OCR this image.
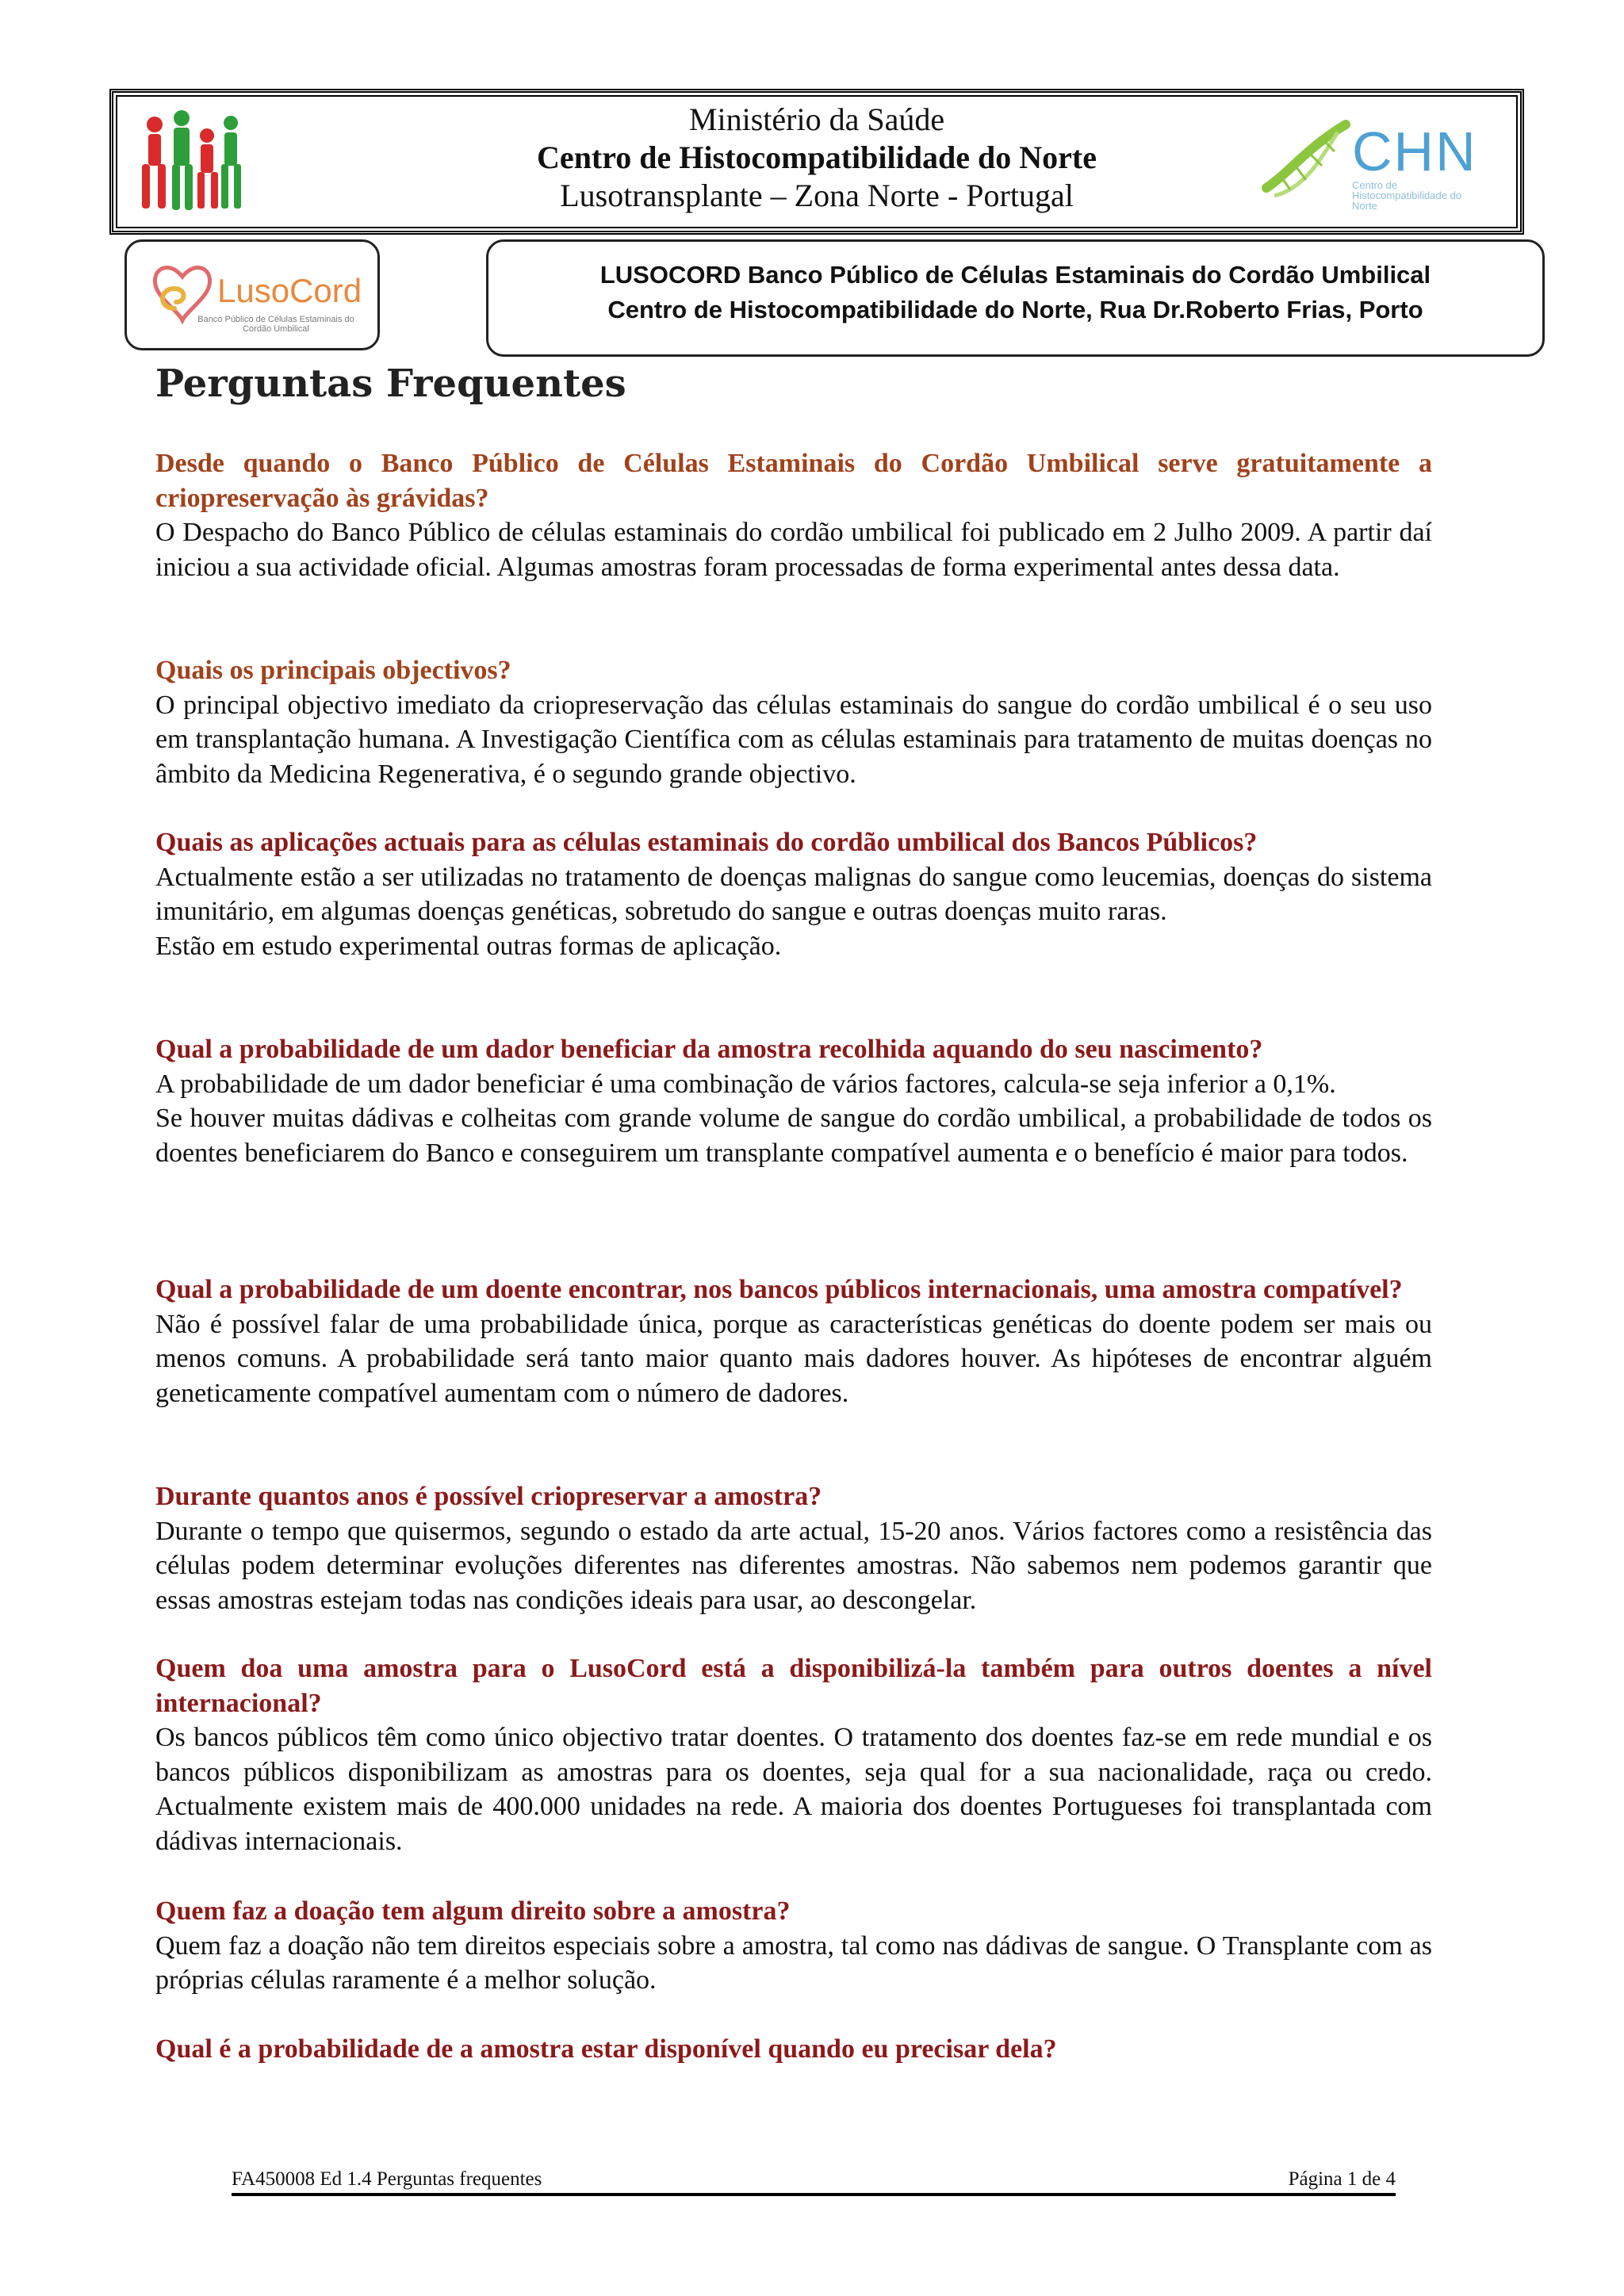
Ministério da Saúde
Centro de Histocompatibilidade do Norte
Lusotransplante – Zona Norte - Portugal
CHN
Centro de Histocompatibilidade do Norte
LusoCord
Banco Público de Células Estaminais do Cordão Umbilical
LUSOCORD Banco Público de Células Estaminais do Cordão Umbilical
Centro de Histocompatibilidade do Norte, Rua Dr.Roberto Frias, Porto
Perguntas Frequentes

Desde quando o Banco Público de Células Estaminais do Cordão Umbilical serve gratuitamente a criopreservação às grávidas?

O Despacho do Banco Público de células estaminais do cordão umbilical foi publicado em 2 Julho 2009. A partir daí iniciou a sua actividade oficial. Algumas amostras foram processadas de forma experimental antes dessa data.

Quais os principais objectivos?

O principal objectivo imediato da criopreservação das células estaminais do sangue do cordão umbilical é o seu uso em transplantação humana. A Investigação Científica com as células estaminais para tratamento de muitas doenças no âmbito da Medicina Regenerativa, é o segundo grande objectivo.

Quais as aplicações actuais para as células estaminais do cordão umbilical dos Bancos Públicos?

Actualmente estão a ser utilizadas no tratamento de doenças malignas do sangue como leucemias, doenças do sistema imunitário, em algumas doenças genéticas, sobretudo do sangue e outras doenças muito raras.

Estão em estudo experimental outras formas de aplicação.

Qual a probabilidade de um dador beneficiar da amostra recolhida aquando do seu nascimento?

A probabilidade de um dador beneficiar é uma combinação de vários factores, calcula-se seja inferior a 0,1%.

Se houver muitas dádivas e colheitas com grande volume de sangue do cordão umbilical, a probabilidade de todos os doentes beneficiarem do Banco e conseguirem um transplante compatível aumenta e o benefício é maior para todos.

Qual a probabilidade de um doente encontrar, nos bancos públicos internacionais, uma amostra compatível?

Não é possível falar de uma probabilidade única, porque as características genéticas do doente podem ser mais ou menos comuns. A probabilidade será tanto maior quanto mais dadores houver. As hipóteses de encontrar alguém geneticamente compatível aumentam com o número de dadores.

Durante quantos anos é possível criopreservar a amostra?

Durante o tempo que quisermos, segundo o estado da arte actual, 15-20 anos. Vários factores como a resistência das células podem determinar evoluções diferentes nas diferentes amostras. Não sabemos nem podemos garantir que essas amostras estejam todas nas condições ideais para usar, ao descongelar.

Quem doa uma amostra para o LusoCord está a disponibilizá-la também para outros doentes a nível internacional?

Os bancos públicos têm como único objectivo tratar doentes. O tratamento dos doentes faz-se em rede mundial e os bancos públicos disponibilizam as amostras para os doentes, seja qual for a sua nacionalidade, raça ou credo. Actualmente existem mais de 400.000 unidades na rede. A maioria dos doentes Portugueses foi transplantada com dádivas internacionais.

Quem faz a doação tem algum direito sobre a amostra?

Quem faz a doação não tem direitos especiais sobre a amostra, tal como nas dádivas de sangue. O Transplante com as próprias células raramente é a melhor solução.

Qual é a probabilidade de a amostra estar disponível quando eu precisar dela?

FA450008 Ed 1.4 Perguntas frequentes	Página 1 de 4
